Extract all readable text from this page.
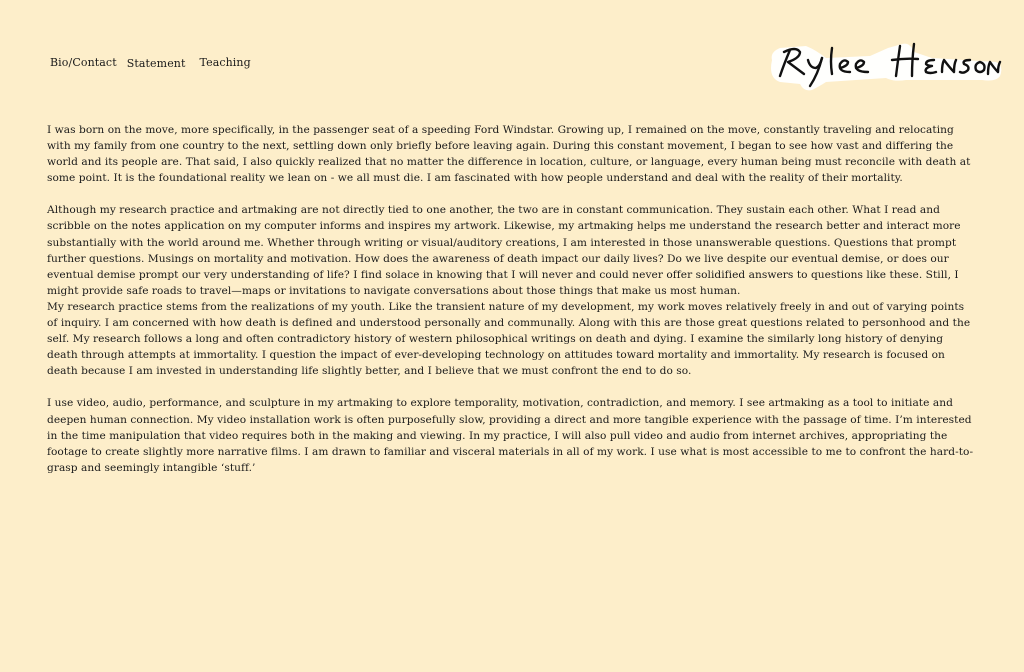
Bio/Contact Statement Teaching

I was born on the move, more specifically, in the passenger seat of a speeding Ford Windstar. Growing up, I remained on the move, constantly traveling and relocating with my family from one country to the next, settling down only briefly before leaving again. During this constant movement, I began to see how vast and differing the world and its people are. That said, I also quickly realized that no matter the difference in location, culture, or language, every human being must reconcile with death at some point. It is the foundational reality we lean on - we all must die. I am fascinated with how people understand and deal with the reality of their mortality.

Although my research practice and artmaking are not directly tied to one another, the two are in constant communication. They sustain each other. What I read and scribble on the notes application on my computer informs and inspires my artwork. Likewise, my artmaking helps me understand the research better and interact more substantially with the world around me. Whether through writing or visual/auditory creations, I am interested in those unanswerable questions. Questions that prompt further questions. Musings on mortality and motivation. How does the awareness of death impact our daily lives? Do we live despite our eventual demise, or does our eventual demise prompt our very understanding of life? I find solace in knowing that I will never and could never offer solidified answers to questions like these. Still, I might provide safe roads to travel—maps or invitations to navigate conversations about those things that make us most human.

My research practice stems from the realizations of my youth. Like the transient nature of my development, my work moves relatively freely in and out of varying points of inquiry. I am concerned with how death is defined and understood personally and communally. Along with this are those great questions related to personhood and the self. My research follows a long and often contradictory history of western philosophical writings on death and dying. I examine the similarly long history of denying death through attempts at immortality. I question the impact of ever-developing technology on attitudes toward mortality and immortality. My research is focused on death because I am invested in understanding life slightly better, and I believe that we must confront the end to do so.

I use video, audio, performance, and sculpture in my artmaking to explore temporality, motivation, contradiction, and memory. I see artmaking as a tool to initiate and deepen human connection. My video installation work is often purposefully slow, providing a direct and more tangible experience with the passage of time. I’m interested in the time manipulation that video requires both in the making and viewing. In my practice, I will also pull video and audio from internet archives, appropriating the footage to create slightly more narrative films. I am drawn to familiar and visceral materials in all of my work. I use what is most accessible to me to confront the hard-to-grasp and seemingly intangible ‘stuff.’
